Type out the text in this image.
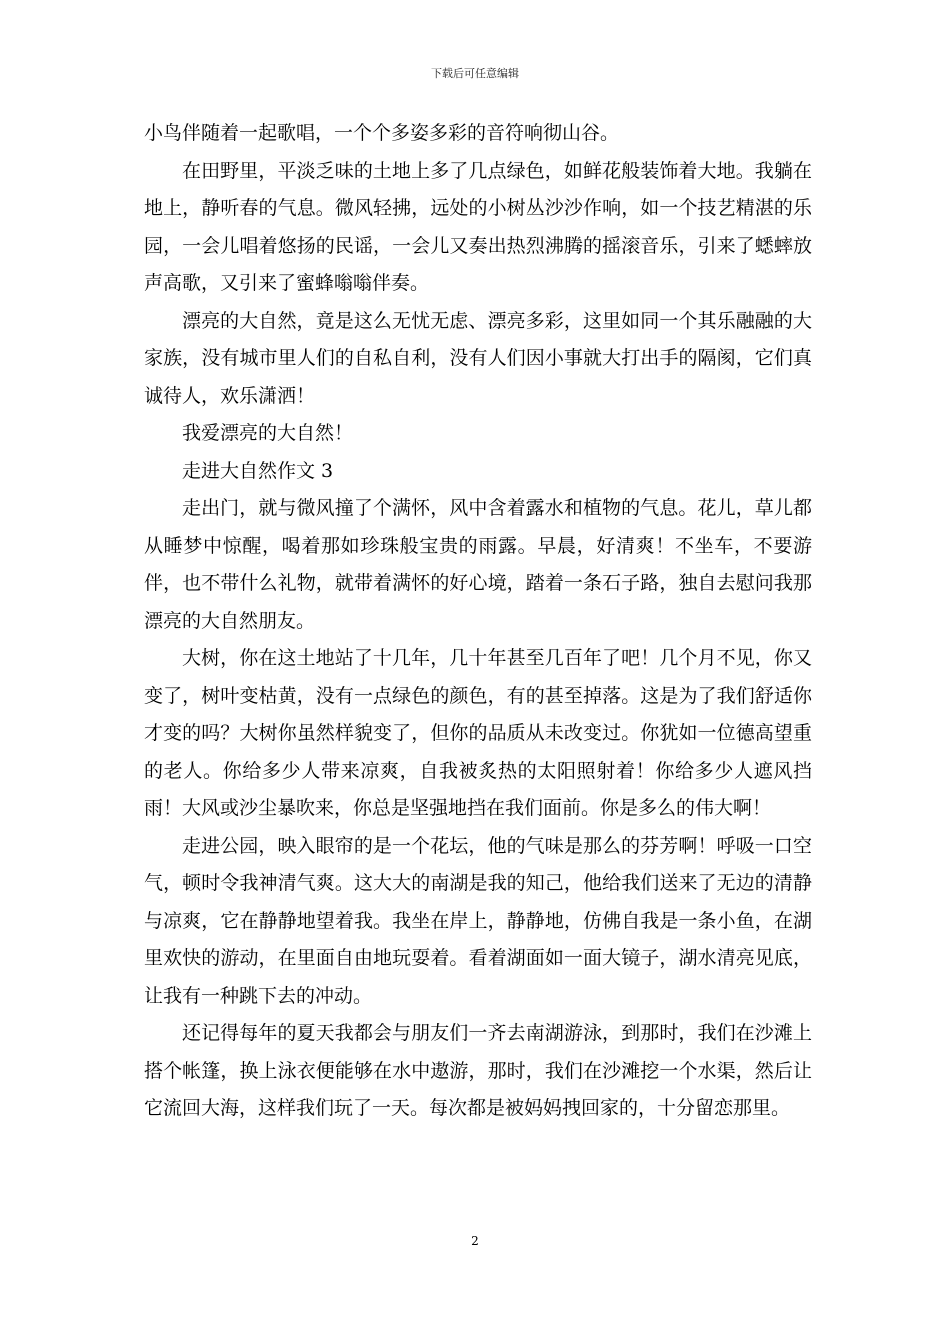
下载后可任意编辑

小鸟伴随着一起歌唱，一个个多姿多彩的音符响彻山谷。

在田野里，平淡乏味的土地上多了几点绿色，如鲜花般装饰着大地。我躺在地上，静听春的气息。微风轻拂，远处的小树丛沙沙作响，如一个技艺精湛的乐园，一会儿唱着悠扬的民谣，一会儿又奏出热烈沸腾的摇滚音乐，引来了蟋蟀放声高歌，又引来了蜜蜂嗡嗡伴奏。

漂亮的大自然，竟是这么无忧无虑、漂亮多彩，这里如同一个其乐融融的大家族，没有城市里人们的自私自利，没有人们因小事就大打出手的隔阂，它们真诚待人，欢乐潇洒！

我爱漂亮的大自然！

走进大自然作文 3

走出门，就与微风撞了个满怀，风中含着露水和植物的气息。花儿，草儿都从睡梦中惊醒，喝着那如珍珠般宝贵的雨露。早晨，好清爽！不坐车，不要游伴，也不带什么礼物，就带着满怀的好心境，踏着一条石子路，独自去慰问我那漂亮的大自然朋友。

大树，你在这土地站了十几年，几十年甚至几百年了吧！几个月不见，你又变了，树叶变枯黄，没有一点绿色的颜色，有的甚至掉落。这是为了我们舒适你才变的吗？大树你虽然样貌变了，但你的品质从未改变过。你犹如一位德高望重的老人。你给多少人带来凉爽，自我被炙热的太阳照射着！你给多少人遮风挡雨！大风或沙尘暴吹来，你总是坚强地挡在我们面前。你是多么的伟大啊！

走进公园，映入眼帘的是一个花坛，他的气味是那么的芬芳啊！呼吸一口空气，顿时令我神清气爽。这大大的南湖是我的知己，他给我们送来了无边的清静与凉爽，它在静静地望着我。我坐在岸上，静静地，仿佛自我是一条小鱼，在湖里欢快的游动，在里面自由地玩耍着。看着湖面如一面大镜子，湖水清亮见底，让我有一种跳下去的冲动。

还记得每年的夏天我都会与朋友们一齐去南湖游泳，到那时，我们在沙滩上搭个帐篷，换上泳衣便能够在水中遨游，那时，我们在沙滩挖一个水渠，然后让它流回大海，这样我们玩了一天。每次都是被妈妈拽回家的，十分留恋那里。

2
